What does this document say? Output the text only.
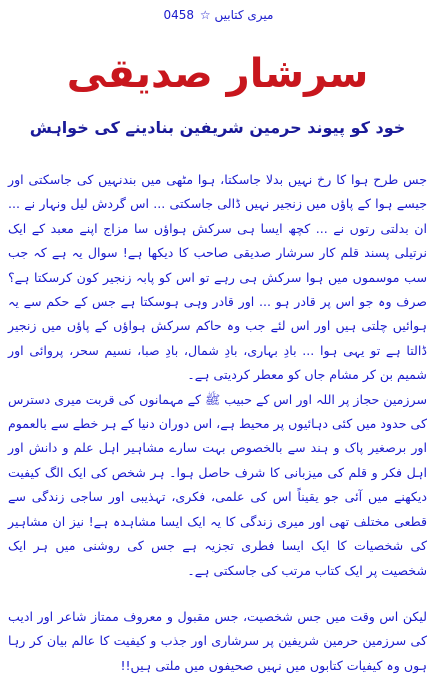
میری کتابیں ☆ 0458
سرشار صدیقی
خود کو پیوند حرمین شریفین بنادینے کی خواہش

جس طرح ہوا کا رخ نہیں بدلا جاسکتا، ہوا مٹھی میں بندنہیں کی جاسکتی اور جیسے ہوا کے پاؤں میں زنجیر نہیں ڈالی جاسکتی ... اس گردش لیل ونہار نے ... ان بدلتی رتوں نے ... کچھ ایسا ہی سرکش ہواؤں سا مزاج اپنے معبد کے ایک نرتیلی پسند قلم کار سرشار صدیقی صاحب کا دیکھا ہے! سوال یہ ہے کہ جب سب موسموں میں ہوا سرکش ہی رہے تو اس کو پابہ زنجیر کون کرسکتا ہے؟ صرف وہ جو اس پر قادر ہو ... اور قادر وہی ہوسکتا ہے جس کے حکم سے یہ ہوائیں چلتی ہیں اور اس لئے جب وہ حاکم سرکش ہواؤں کے پاؤں میں زنجیر ڈالتا ہے تو یہی ہوا ... بادِ بہاری، بادِ شمال، بادِ صبا، نسیم سحر، پروائی اور شمیم بن کر مشام جاں کو معطر کردیتی ہے۔

سرزمین حجاز پر اللہ اور اس کے حبیب ﷺ کے مہمانوں کی قربت میری دسترس کی حدود میں کئی دہائیوں پر محیط ہے، اس دوران دنیا کے ہر خطے سے بالعموم اور برصغیر پاک و ہند سے بالخصوص بہت سارے مشاہیر اہل علم و دانش اور اہل فکر و قلم کی میزبانی کا شرف حاصل ہوا۔ ہر شخص کی ایک الگ کیفیت دیکھنے میں آئی جو یقیناً اس کی علمی، فکری، تہذیبی اور ساجی زندگی سے قطعی مختلف تھی اور میری زندگی کا یہ ایک ایسا مشاہدہ ہے! نیز ان مشاہیر کی شخصیات کا ایک ایسا فطری تجزیہ ہے جس کی روشنی میں ہر ایک شخصیت پر ایک کتاب مرتب کی جاسکتی ہے۔

لیکن اس وقت میں جس شخصیت، جس مقبول و معروف ممتاز شاعر اور ادیب کی سرزمین حرمین شریفین پر سرشاری اور جذب و کیفیت کا عالم بیان کر رہا ہوں وہ کیفیات کتابوں میں نہیں صحیفوں میں ملتی ہیں!!
